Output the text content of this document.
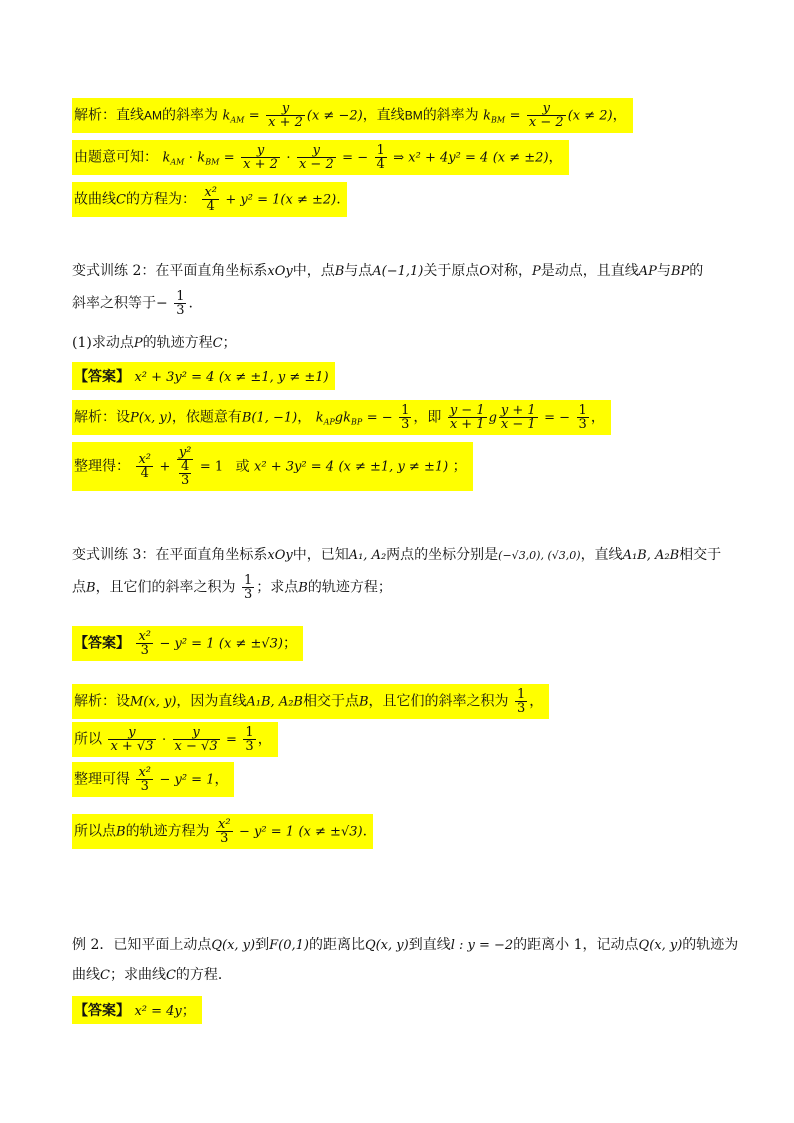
解析：直线AM的斜率为 $k_{AM} = \frac{y}{x + 2} (x \ne -2)$，直线BM的斜率为 $k_{BM} = \frac{y}{x - 2} (x \ne 2)$，
由题意可知： $k_{AM} \cdot k_{BM} = \frac{y}{x + 2} \cdot \frac{y}{x - 2}$ = − $\frac{1}{4}$ ⇒ x² + 4y² = 4 (x ≠ ±2)，
故曲线C的方程为： $\frac{\text{x²}}{4} + y^2 = 1(x \ne \pm 2)$.
变式训练 2：在平面直角坐标系xOy中，点B与点A(−1,1)关于原点O对称，P是动点，且直线AP与BP的
斜率之积等于− $\frac{1}{3}$ .
(1)求动点P的轨迹方程C；
【答案】 x² + 3y² = 4 (x ≠ ±1, y ≠ ±1)
解析：设P(x, y)，依题意有B(1, −1)， $k_{AP}gk_{BP}$ = − $\frac{1}{3}$ ，即 $\frac{y - 1}{x + 1}$ g $\frac{y + 1}{x - 1}$ = − $\frac{1}{3}$ ，
整理得： $\frac{\text{x²}}{4} + \frac{\text{y²}}{\frac{4}{3}} = 1$ 或 x² + 3y² = 4 (x ≠ ±1, y ≠ ±1) ；
变式训练 3：在平面直角坐标系xOy中，已知A₁, A₂两点的坐标分别是(−√3,0), (√3,0)，直线A₁B, A₂B相交于
点B，且它们的斜率之积为 $\frac{1}{3}$ ；求点B的轨迹方程；
【答案】 $\frac{\text{x²}}{3} - y^2 = 1$ (x ≠ ±√3)；
解析：设M(x, y)，因为直线A₁B, A₂B相交于点B，且它们的斜率之积为 $\frac{1}{3}$ ，
所以 $\frac{y}{x + √3} \cdot \frac{y}{x - √3} = \frac{1}{3}$ ，
整理可得 $\frac{\text{x²}}{3} - y^2 = 1$，
所以点B的轨迹方程为 $\frac{\text{x²}}{3} - y^2 = 1$ (x ≠ ±√3).
例 2．已知平面上动点Q(x, y)到F(0,1)的距离比Q(x, y)到直线l : y = −2的距离小 1，记动点Q(x, y)的轨迹为
曲线C；求曲线C的方程．
【答案】 x² = 4y；
